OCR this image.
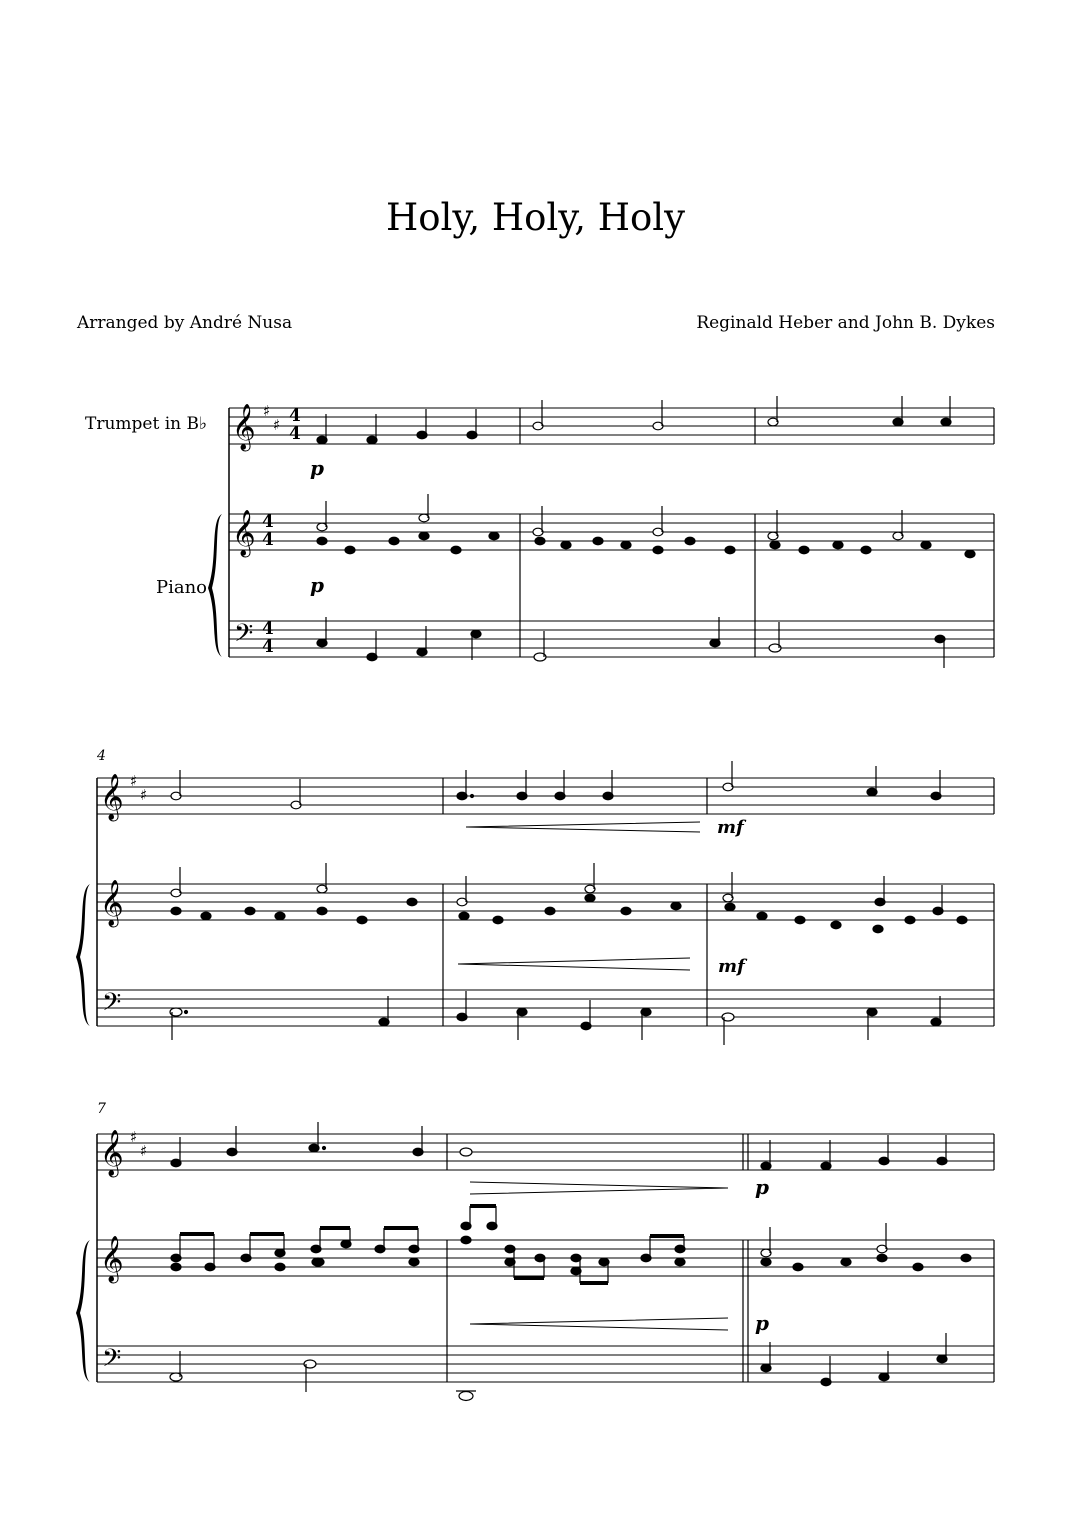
Holy, Holy, Holy
Arranged by André Nusa	Reginald Heber and John B. Dykes
Trumpet in B♭
Piano
𝄞
𝄞
𝄢
♯
♯ 4
4
4
4
4
4
p
p
4
𝄞
𝄞
𝄢
♯
♯
mf
mf
7
𝄞
𝄞
𝄢
♯
♯
p
p
